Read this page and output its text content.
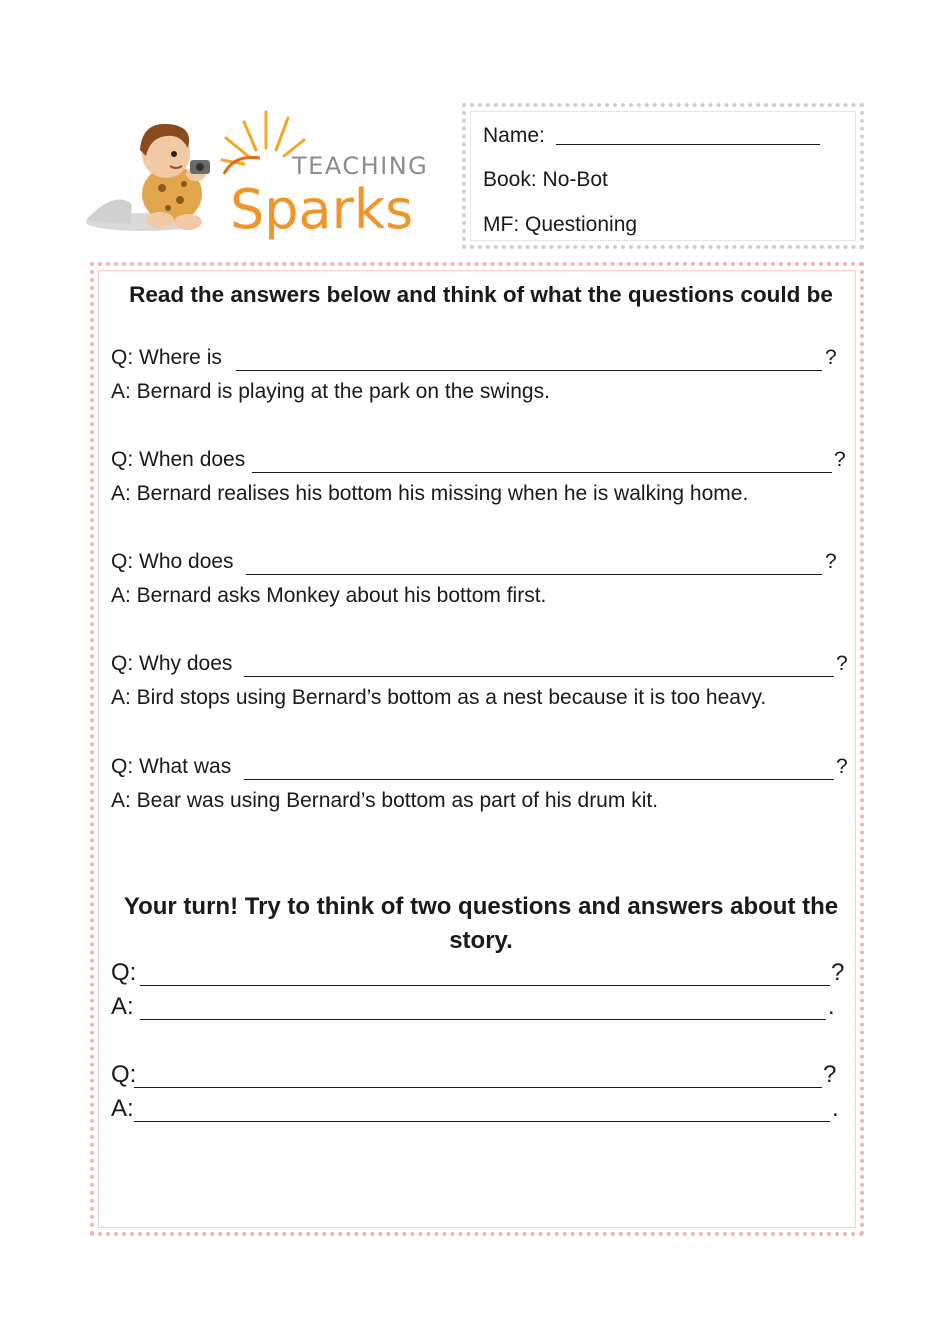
TEACHING
Sparks
Name:
Book: No-Bot
MF: Questioning
Read the answers below and think of what the questions could be
Q: Where is	?
A: Bernard is playing at the park on the swings.
Q: When does	?
A: Bernard realises his bottom his missing when he is walking home.
Q: Who does	?
A: Bernard asks Monkey about his bottom first.
Q: Why does	?
A: Bird stops using Bernard’s bottom as a nest because it is too heavy.
Q: What was	?
A: Bear was using Bernard’s bottom as part of his drum kit.
Your turn! Try to think of two questions and answers about the story.
Q:	?
A:	.
Q:	?
A:	.
